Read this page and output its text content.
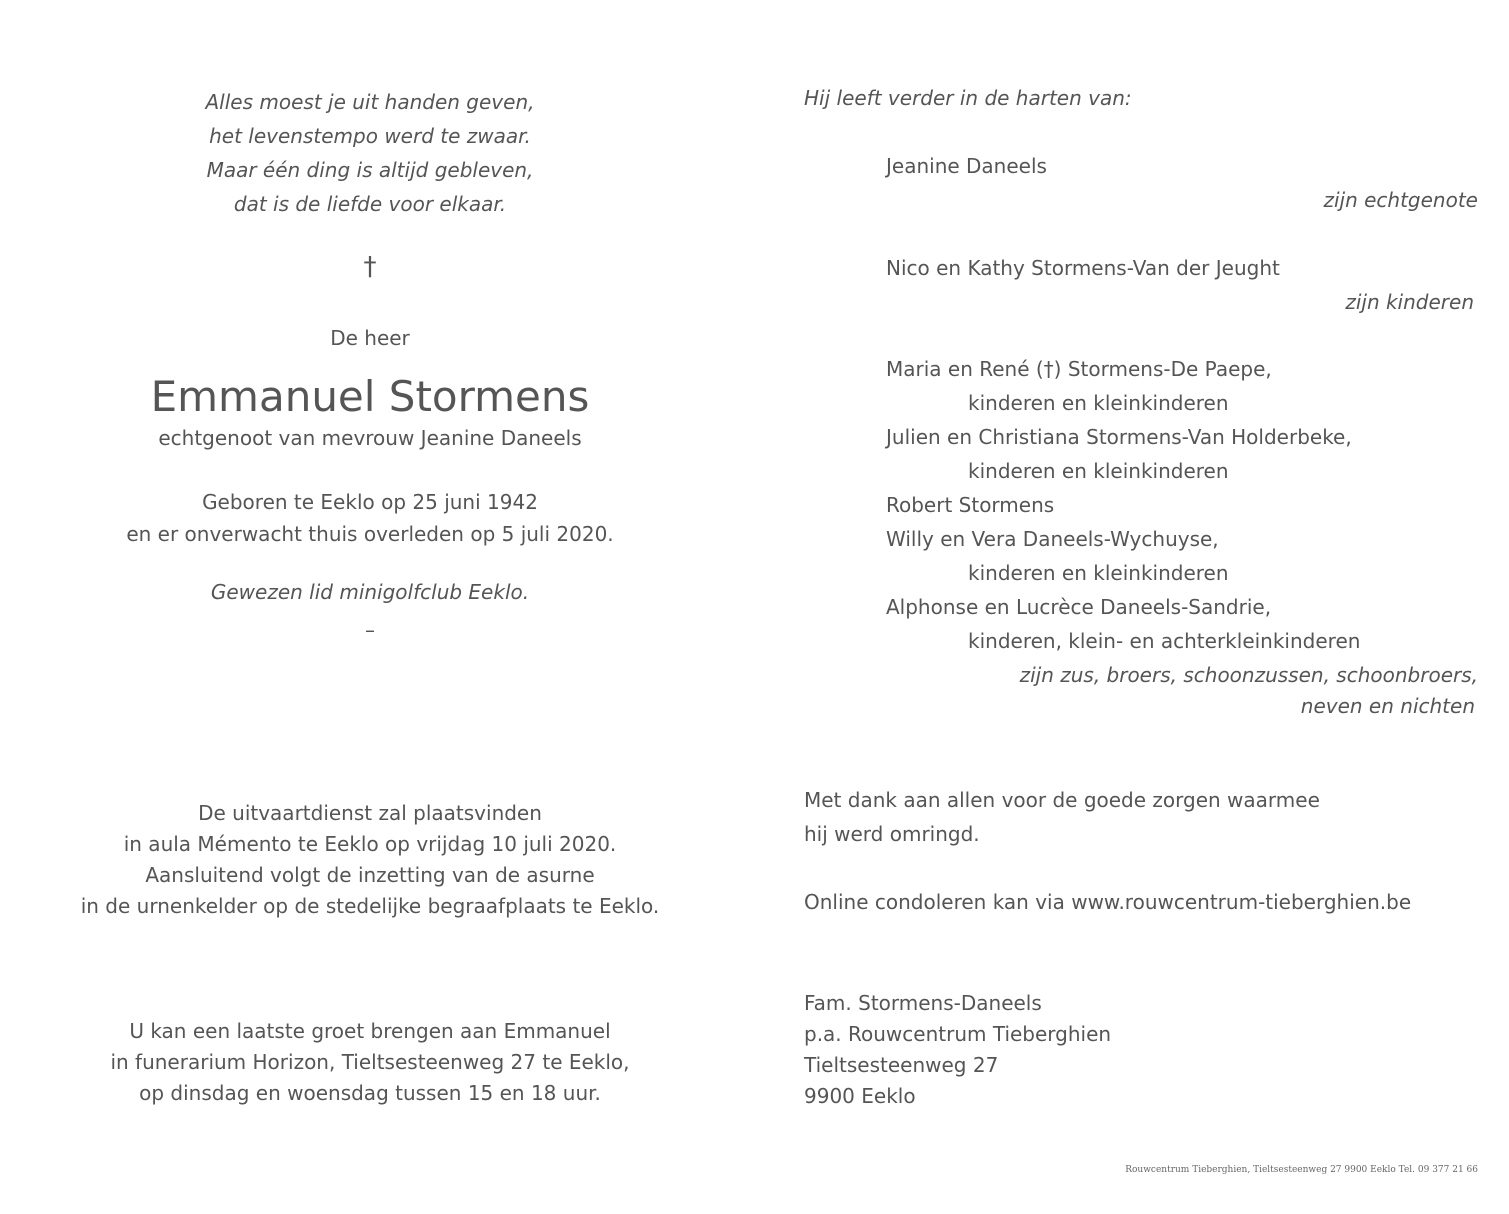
Alles moest je uit handen geven,
het levenstempo werd te zwaar.
Maar één ding is altijd gebleven,
dat is de liefde voor elkaar.
†
De heer
Emmanuel Stormens
echtgenoot van mevrouw Jeanine Daneels
Geboren te Eeklo op 25 juni 1942
en er onverwacht thuis overleden op 5 juli 2020.
Gewezen lid minigolfclub Eeklo.
–
De uitvaartdienst zal plaatsvinden
in aula Mémento te Eeklo op vrijdag 10 juli 2020.
Aansluitend volgt de inzetting van de asurne
in de urnenkelder op de stedelijke begraafplaats te Eeklo.
U kan een laatste groet brengen aan Emmanuel
in funerarium Horizon, Tieltsesteenweg 27 te Eeklo,
op dinsdag en woensdag tussen 15 en 18 uur.
Hij leeft verder in de harten van:
Jeanine Daneels
zijn echtgenote
Nico en Kathy Stormens-Van der Jeught
zijn kinderen
Maria en René (†) Stormens-De Paepe,
kinderen en kleinkinderen
Julien en Christiana Stormens-Van Holderbeke,
kinderen en kleinkinderen
Robert Stormens
Willy en Vera Daneels-Wychuyse,
kinderen en kleinkinderen
Alphonse en Lucrèce Daneels-Sandrie,
kinderen, klein- en achterkleinkinderen
zijn zus, broers, schoonzussen, schoonbroers,
neven en nichten
Met dank aan allen voor de goede zorgen waarmee
hij werd omringd.
Online condoleren kan via www.rouwcentrum-tieberghien.be
Fam. Stormens-Daneels
p.a. Rouwcentrum Tieberghien
Tieltsesteenweg 27
9900 Eeklo
Rouwcentrum Tieberghien, Tieltsesteenweg 27 9900 Eeklo Tel. 09 377 21 66
